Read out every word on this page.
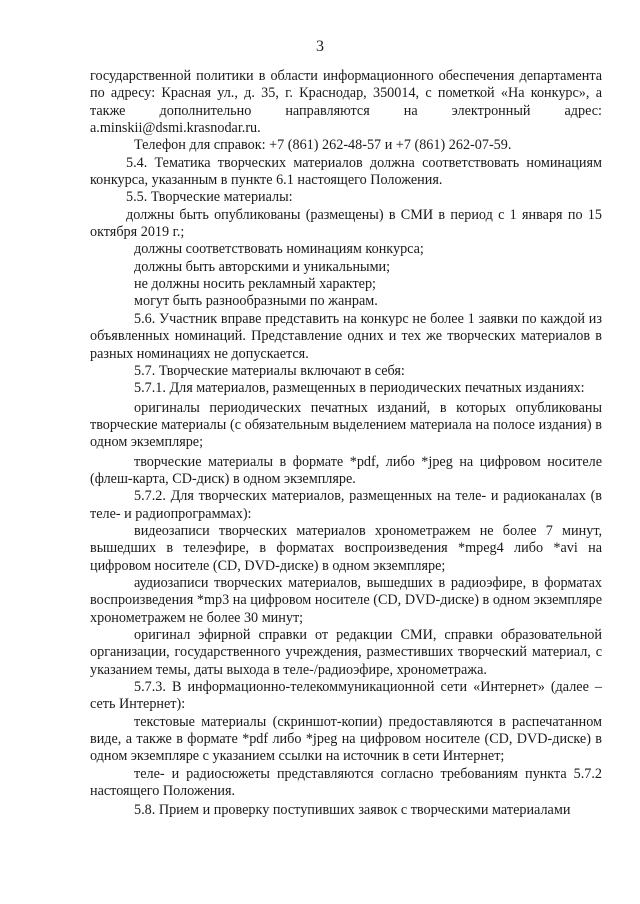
3

государственной политики в области информационного обеспечения департамента по адресу: Красная ул., д. 35, г. Краснодар, 350014, с пометкой «На конкурс», а также дополнительно направляются на электронный адрес: a.minskii@dsmi.krasnodar.ru.

Телефон для справок: +7 (861) 262-48-57 и +7 (861) 262-07-59.

5.4. Тематика творческих материалов должна соответствовать номинациям конкурса, указанным в пункте 6.1 настоящего Положения.

5.5. Творческие материалы:

должны быть опубликованы (размещены) в СМИ в период с 1 января по 15 октября 2019 г.;

должны соответствовать номинациям конкурса;

должны быть авторскими и уникальными;

не должны носить рекламный характер;

могут быть разнообразными по жанрам.

5.6. Участник вправе представить на конкурс не более 1 заявки по каждой из объявленных номинаций. Представление одних и тех же творческих материалов в разных номинациях не допускается.

5.7. Творческие материалы включают в себя:

5.7.1. Для материалов, размещенных в периодических печатных изданиях:

оригиналы периодических печатных изданий, в которых опубликованы творческие материалы (с обязательным выделением материала на полосе издания) в одном экземпляре;

творческие материалы в формате *pdf, либо *jpeg на цифровом носителе (флеш-карта, CD-диск) в одном экземпляре.

5.7.2. Для творческих материалов, размещенных на теле- и радиоканалах (в теле- и радиопрограммах):

видеозаписи творческих материалов хронометражем не более 7 минут, вышедших в телеэфире, в форматах воспроизведения *mpeg4 либо *avi на цифровом носителе (CD, DVD-диске) в одном экземпляре;

аудиозаписи творческих материалов, вышедших в радиоэфире, в форматах воспроизведения *mp3 на цифровом носителе (CD, DVD-диске) в одном экземпляре хронометражем не более 30 минут;

оригинал эфирной справки от редакции СМИ, справки образовательной организации, государственного учреждения, разместивших творческий материал, с указанием темы, даты выхода в теле-/радиоэфире, хронометража.

5.7.3. В информационно-телекоммуникационной сети «Интернет» (далее – сеть Интернет):

текстовые материалы (скриншот-копии) предоставляются в распечатанном виде, а также в формате *pdf либо *jpeg на цифровом носителе (CD, DVD-диске) в одном экземпляре с указанием ссылки на источник в сети Интернет;

теле- и радиосюжеты представляются согласно требованиям пункта 5.7.2 настоящего Положения.

5.8. Прием и проверку поступивших заявок с творческими материалами
